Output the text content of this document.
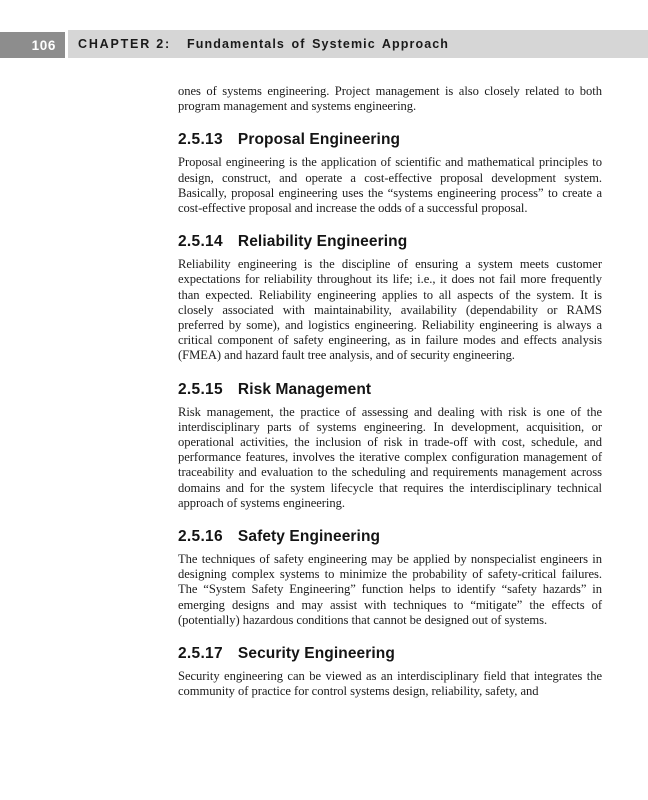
106 CHAPTER 2: Fundamentals of Systemic Approach

ones of systems engineering. Project management is also closely related to both program management and systems engineering.

2.5.13 Proposal Engineering

Proposal engineering is the application of scientific and mathematical principles to design, construct, and operate a cost-effective proposal development system. Basically, proposal engineering uses the “systems engineering process” to create a cost-effective proposal and increase the odds of a successful proposal.

2.5.14 Reliability Engineering

Reliability engineering is the discipline of ensuring a system meets customer expectations for reliability throughout its life; i.e., it does not fail more frequently than expected. Reliability engineering applies to all aspects of the system. It is closely associated with maintainability, availability (dependability or RAMS preferred by some), and logistics engineering. Reliability engineering is always a critical component of safety engineering, as in failure modes and effects analysis (FMEA) and hazard fault tree analysis, and of security engineering.

2.5.15 Risk Management

Risk management, the practice of assessing and dealing with risk is one of the interdisciplinary parts of systems engineering. In development, acquisition, or operational activities, the inclusion of risk in trade-off with cost, schedule, and performance features, involves the iterative complex configuration management of traceability and evaluation to the scheduling and requirements management across domains and for the system lifecycle that requires the interdisciplinary technical approach of systems engineering.

2.5.16 Safety Engineering

The techniques of safety engineering may be applied by nonspecialist engineers in designing complex systems to minimize the probability of safety-critical failures. The “System Safety Engineering” function helps to identify “safety hazards” in emerging designs and may assist with techniques to “mitigate” the effects of (potentially) hazardous conditions that cannot be designed out of systems.

2.5.17 Security Engineering

Security engineering can be viewed as an interdisciplinary field that integrates the community of practice for control systems design, reliability, safety, and
